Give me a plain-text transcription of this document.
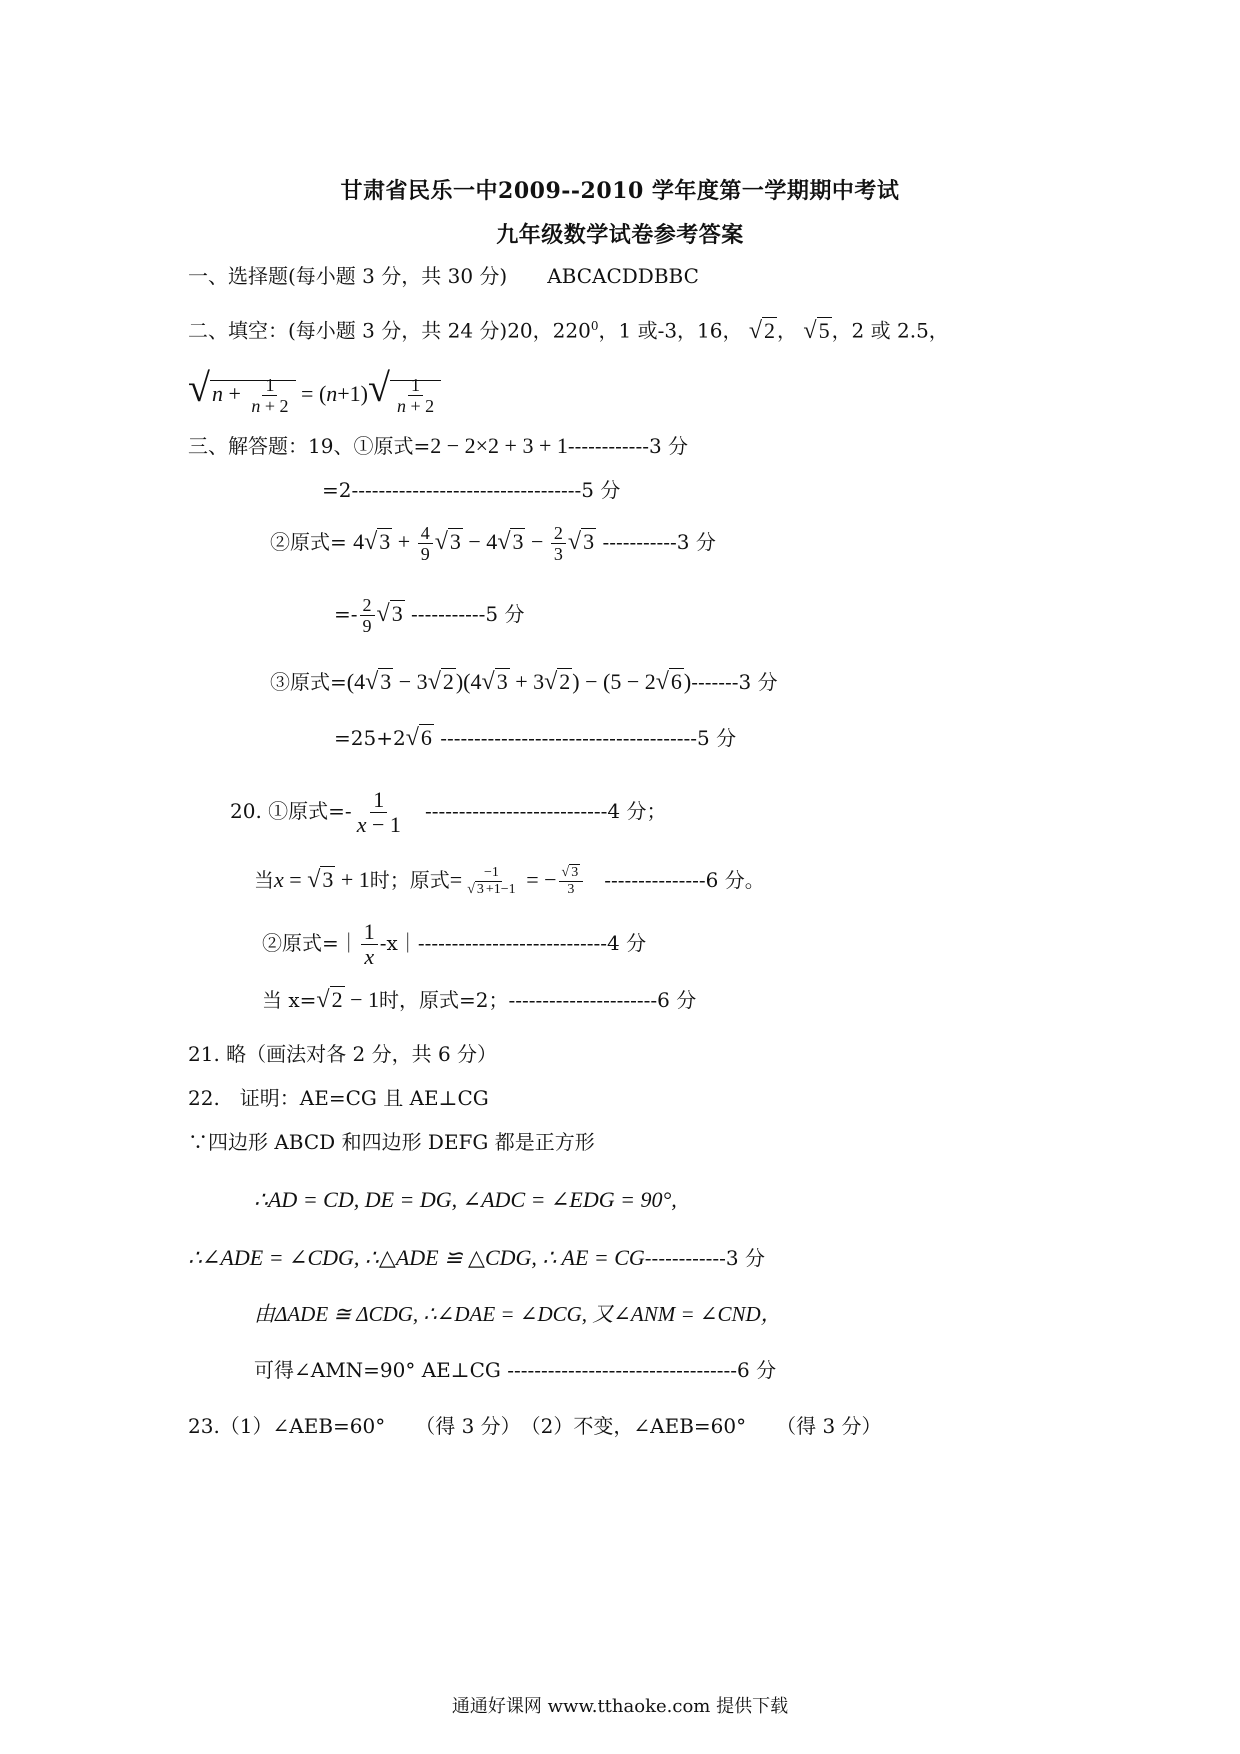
甘肃省民乐一中2009--2010 学年度第一学期期中考试
九年级数学试卷参考答案
一、选择题(每小题 3 分，共 30 分)　　ABCACDDBBC
二、填空：(每小题 3 分，共 24 分)20，$220^0$，1 或-3，16， √2 ， √5 ，2 或 2.5，
$√n + \frac{1}{n + 2} = (n+1)√ \frac{1}{n + 2}$
三、解答题：19、①原式=2 − 2×2 + 3 + 1------------3 分
=2----------------------------------5 分
②原式= $4√3 + \frac{4}{9} √3 - 4√3 - \frac{2}{3} √3$ -----------3 分
=- $\frac{2}{9} √3$ -----------5 分
③原式=(4√3 − 3√2)(4√3 + 3√2) − (5 − 2√6)-------3 分
=25+2√6 --------------------------------------5 分
20. ①原式=- $\frac{1}{x - 1} ---------------------------4$ 分；
当x = √3 + 1时；原式= $\frac{-1}{√ 3 +1-1}$ = − $\frac{√ 3}{3} ---------------6$ 分。
②原式=｜ $\frac{1}{x}$ -x｜----------------------------4 分
当 x=√2 − 1时，原式=2；----------------------6 分
21. 略（画法对各 2 分，共 6 分）
22.　证明：AE=CG 且 AE⊥CG
∵四边形 ABCD 和四边形 DEFG 都是正方形
∴AD = CD, DE = DG, ∠ADC = ∠EDG = 90°,
∴∠ADE = ∠CDG, ∴△ADE ≌ △CDG, ∴ AE = CG------------3 分
由ΔADE ≅ ΔCDG, ∴∠DAE = ∠DCG, 又∠ANM = ∠CND，
可得∠AMN=90° AE⊥CG ----------------------------------6 分
23.（1）∠AEB=60°　　（得 3 分）　（2）不变，∠AEB=60°　　（得 3 分）
通通好课网 www.tthaoke.com 提供下载
